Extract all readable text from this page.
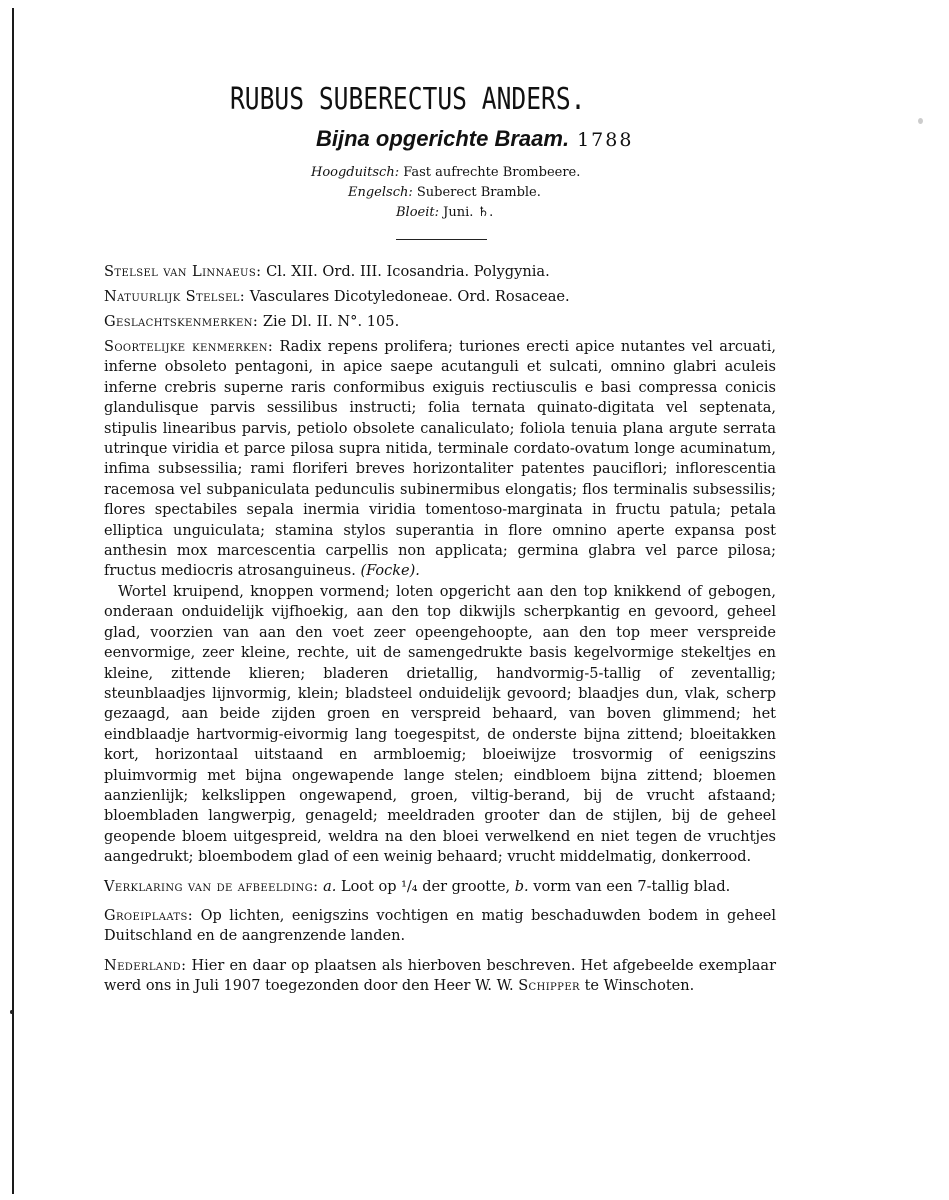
RUBUS SUBERECTUS ANDERS.
Bijna opgerichte Braam. 1788
Hoogduitsch: Fast aufrechte Brombeere.
Engelsch: Suberect Bramble.
Bloeit: Juni. ♄.
Stelsel van Linnaeus: Cl. XII. Ord. III. Icosandria. Polygynia.
Natuurlijk Stelsel: Vasculares Dicotyledoneae. Ord. Rosaceae.
Geslachtskenmerken: Zie Dl. II. N°. 105.

Soortelijke kenmerken: Radix repens prolifera; turiones erecti apice nutantes vel arcuati, inferne obsoleto pentagoni, in apice saepe acutanguli et sulcati, omnino glabri aculeis inferne crebris superne raris conformibus exiguis rectiusculis e basi compressa conicis glandulisque parvis sessilibus instructi; folia ternata quinato-digitata vel septenata, stipulis linearibus parvis, petiolo obsolete canaliculato; foliola tenuia plana argute serrata utrinque viridia et parce pilosa supra nitida, terminale cordato-ovatum longe acuminatum, infima subsessilia; rami floriferi breves horizontaliter patentes pauciflori; inflorescentia racemosa vel subpaniculata pedunculis subinermibus elongatis; flos terminalis subsessilis; flores spectabiles sepala inermia viridia tomentoso-marginata in fructu patula; petala elliptica unguiculata; stamina stylos superantia in flore omnino aperte expansa post anthesin mox marcescentia carpellis non applicata; germina glabra vel parce pilosa; fructus mediocris atrosanguineus. (Focke).

Wortel kruipend, knoppen vormend; loten opgericht aan den top knikkend of gebogen, onderaan onduidelijk vijfhoekig, aan den top dikwijls scherpkantig en gevoord, geheel glad, voorzien van aan den voet zeer opeengehoopte, aan den top meer verspreide eenvormige, zeer kleine, rechte, uit de samengedrukte basis kegelvormige stekeltjes en kleine, zittende klieren; bladeren drietallig, handvormig-5-tallig of zeventallig; steunblaadjes lijnvormig, klein; bladsteel onduidelijk gevoord; blaadjes dun, vlak, scherp gezaagd, aan beide zijden groen en verspreid behaard, van boven glimmend; het eindblaadje hartvormig-eivormig lang toegespitst, de onderste bijna zittend; bloeitakken kort, horizontaal uitstaand en armbloemig; bloeiwijze trosvormig of eenigszins pluimvormig met bijna ongewapende lange stelen; eindbloem bijna zittend; bloemen aanzienlijk; kelkslippen ongewapend, groen, viltig-berand, bij de vrucht afstaand; bloembladen langwerpig, genageld; meeldraden grooter dan de stijlen, bij de geheel geopende bloem uitgespreid, weldra na den bloei verwelkend en niet tegen de vruchtjes aangedrukt; bloembodem glad of een weinig behaard; vrucht middelmatig, donkerrood.

Verklaring van de afbeelding: a. Loot op ¹/₄ der grootte, b. vorm van een 7-tallig blad.

Groeiplaats: Op lichten, eenigszins vochtigen en matig beschaduwden bodem in geheel Duitschland en de aangrenzende landen.

Nederland: Hier en daar op plaatsen als hierboven beschreven. Het afgebeelde exemplaar werd ons in Juli 1907 toegezonden door den Heer W. W. Schipper te Winschoten.
